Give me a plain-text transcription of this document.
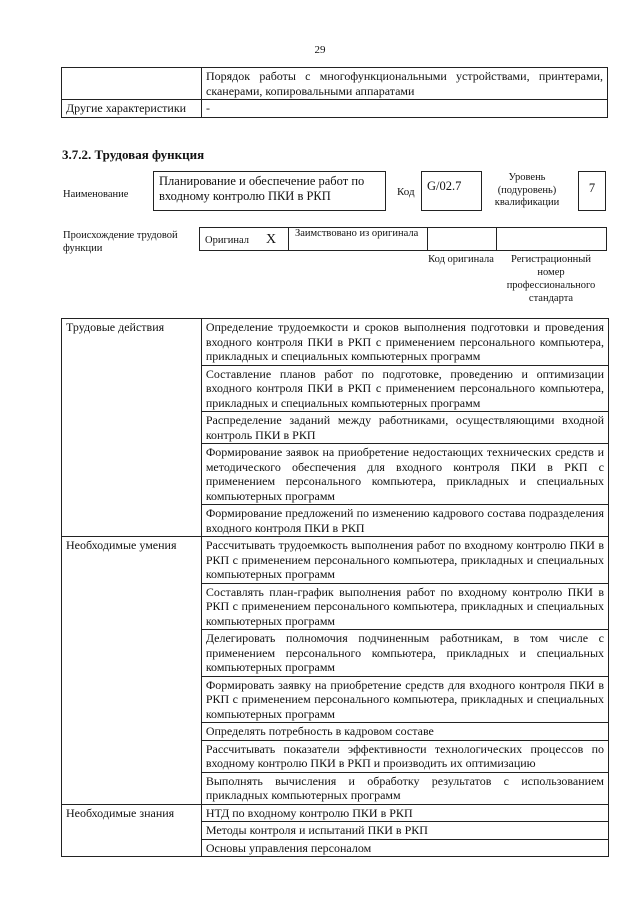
29
	Порядок работы с многофункциональными устройствами, принтерами, сканерами, копировальными аппаратами
Другие характеристики	-
3.7.2. Трудовая функция
Наименование
Планирование и обеспечение работ по входному контролю ПКИ в РКП	Код G/02.7
Уровень (подуровень) квалификации
7
Происхождение трудовой функции
Оригинал X	Заимствовано из оригинала
Код оригинала	Регистрационный номер профессионального стандарта
Трудовые действия	Определение трудоемкости и сроков выполнения подготовки и проведения входного контроля ПКИ в РКП с применением персонального компьютера, прикладных и специальных компьютерных программ
	Составление планов работ по подготовке, проведению и оптимизации входного контроля ПКИ в РКП с применением персонального компьютера, прикладных и специальных компьютерных программ
	Распределение заданий между работниками, осуществляющими входной контроль ПКИ в РКП
	Формирование заявок на приобретение недостающих технических средств и методического обеспечения для входного контроля ПКИ в РКП с применением персонального компьютера, прикладных и специальных компьютерных программ
	Формирование предложений по изменению кадрового состава подразделения входного контроля ПКИ в РКП
Необходимые умения	Рассчитывать трудоемкость выполнения работ по входному контролю ПКИ в РКП с применением персонального компьютера, прикладных и специальных компьютерных программ
	Составлять план-график выполнения работ по входному контролю ПКИ в РКП с применением персонального компьютера, прикладных и специальных компьютерных программ
	Делегировать полномочия подчиненным работникам, в том числе с применением персонального компьютера, прикладных и специальных компьютерных программ
	Формировать заявку на приобретение средств для входного контроля ПКИ в РКП с применением персонального компьютера, прикладных и специальных компьютерных программ
	Определять потребность в кадровом составе
	Рассчитывать показатели эффективности технологических процессов по входному контролю ПКИ в РКП и производить их оптимизацию
	Выполнять вычисления и обработку результатов с использованием прикладных компьютерных программ
Необходимые знания	НТД по входному контролю ПКИ в РКП
	Методы контроля и испытаний ПКИ в РКП
	Основы управления персоналом
